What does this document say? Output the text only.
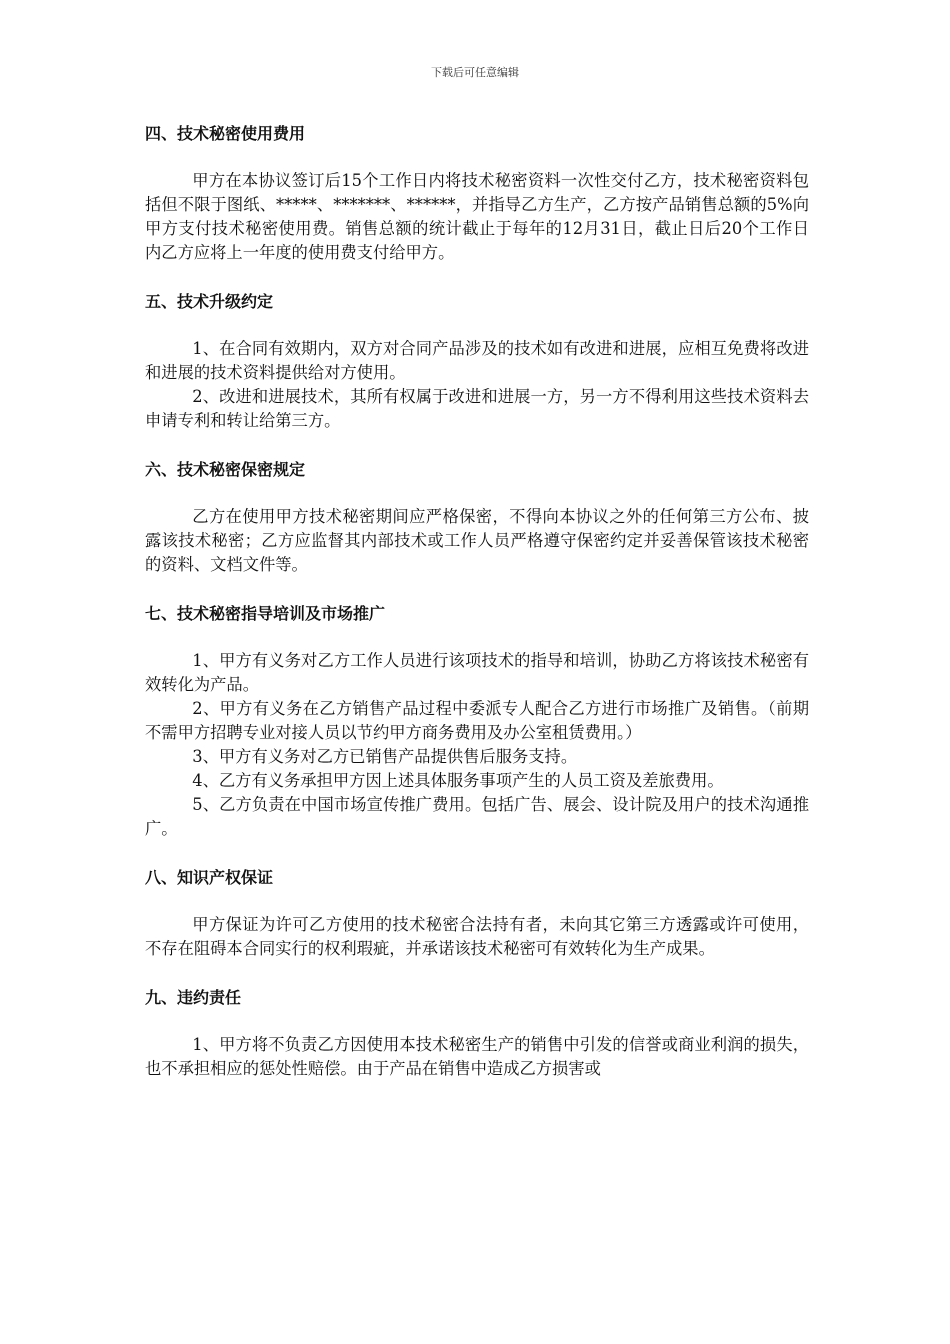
下载后可任意编辑
四、技术秘密使用费用

甲方在本协议签订后15个工作日内将技术秘密资料一次性交付乙方，技术秘密资料包括但不限于图纸、*****、*******、******，并指导乙方生产，乙方按产品销售总额的5%向甲方支付技术秘密使用费。销售总额的统计截止于每年的12月31日，截止日后20个工作日内乙方应将上一年度的使用费支付给甲方。

五、技术升级约定

1、在合同有效期内，双方对合同产品涉及的技术如有改进和进展，应相互免费将改进和进展的技术资料提供给对方使用。

2、改进和进展技术，其所有权属于改进和进展一方，另一方不得利用这些技术资料去申请专利和转让给第三方。

六、技术秘密保密规定

乙方在使用甲方技术秘密期间应严格保密，不得向本协议之外的任何第三方公布、披露该技术秘密；乙方应监督其内部技术或工作人员严格遵守保密约定并妥善保管该技术秘密的资料、文档文件等。

七、技术秘密指导培训及市场推广

1、甲方有义务对乙方工作人员进行该项技术的指导和培训，协助乙方将该技术秘密有效转化为产品。

2、甲方有义务在乙方销售产品过程中委派专人配合乙方进行市场推广及销售。（前期不需甲方招聘专业对接人员以节约甲方商务费用及办公室租赁费用。）

3、甲方有义务对乙方已销售产品提供售后服务支持。

4、乙方有义务承担甲方因上述具体服务事项产生的人员工资及差旅费用。

5、乙方负责在中国市场宣传推广费用。包括广告、展会、设计院及用户的技术沟通推广。

八、知识产权保证

甲方保证为许可乙方使用的技术秘密合法持有者，未向其它第三方透露或许可使用，不存在阻碍本合同实行的权利瑕疵，并承诺该技术秘密可有效转化为生产成果。

九、违约责任

1、甲方将不负责乙方因使用本技术秘密生产的销售中引发的信誉或商业利润的损失，也不承担相应的惩处性赔偿。由于产品在销售中造成乙方损害或
